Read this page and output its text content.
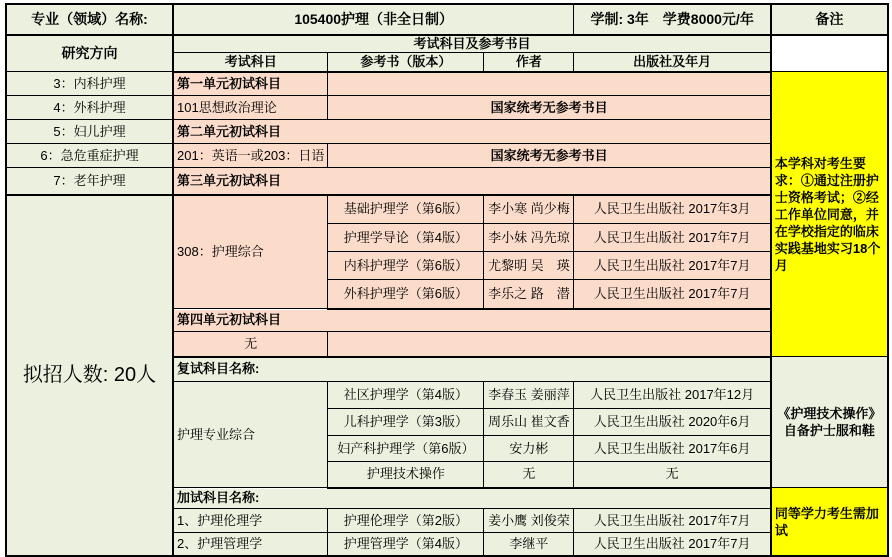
专业（领域）名称:	105400护理（非全日制）			学制: 3年　学费8000元/年	备注
研究方向	考试科目及参考书目				
	考试科目	参考书（版本）	作者	出版社及年月	
3：内科护理	第一单元初试科目				本学科对考生要求：①通过注册护士资格考试；②经工作单位同意，并在学校指定的临床实践基地实习18个月
4：外科护理	101思想政治理论	国家统考无参考书目			
5：妇儿护理	第二单元初试科目				
6：急危重症护理	201：英语一或203：日语	国家统考无参考书目			
7：老年护理	第三单元初试科目				
拟招人数: 20人	308：护理综合	基础护理学（第6版）	李小寒 尚少梅	人民卫生出版社 2017年3月	
		护理学导论（第4版）	李小妹 冯先琼	人民卫生出版社 2017年7月	
		内科护理学（第6版）	尤黎明 吴　瑛	人民卫生出版社 2017年7月	
		外科护理学（第6版）	李乐之 路　潜	人民卫生出版社 2017年7月	
	第四单元初试科目				
	无				
	复试科目名称:				《护理技术操作》自备护士服和鞋
	护理专业综合	社区护理学（第4版）	李春玉 姜丽萍	人民卫生出版社 2017年12月	
		儿科护理学（第3版）	周乐山 崔文香	人民卫生出版社 2020年6月	
		妇产科护理学（第6版）	安力彬	人民卫生出版社 2017年6月	
		护理技术操作	无	无	
	加试科目名称:				同等学力考生需加试
	1、护理伦理学	护理伦理学（第2版）	姜小鹰 刘俊荣	人民卫生出版社 2017年7月	
	2、护理管理学	护理管理学（第4版）	李继平	人民卫生出版社 2017年7月	
